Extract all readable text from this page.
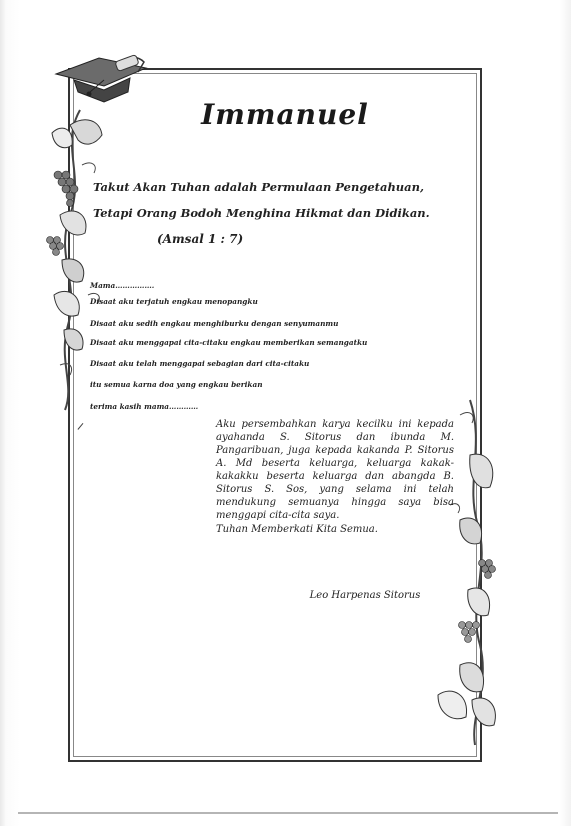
Immanuel
Takut Akan Tuhan adalah Permulaan Pengetahuan,
Tetapi Orang Bodoh Menghina Hikmat dan Didikan.
(Amsal 1 : 7)
Mama…………….
Disaat aku terjatuh engkau menopangku
Disaat aku sedih engkau menghiburku dengan senyumanmu
Disaat aku menggapai cita-citaku engkau memberikan semangatku
Disaat aku telah menggapai sebagian dari cita-citaku
itu semua karna doa yang engkau berikan
terima kasih mama…………
Aku persembahkan karya kecilku ini kepada ayahanda S. Sitorus dan ibunda M. Pangaribuan, juga kepada kakanda P. Sitorus A. Md beserta keluarga, keluarga kakak-kakakku beserta keluarga dan abangda B. Sitorus S. Sos, yang selama ini telah mendukung semuanya hingga saya bisa menggapi cita-cita saya.
Tuhan Memberkati Kita Semua.
Leo Harpenas Sitorus
